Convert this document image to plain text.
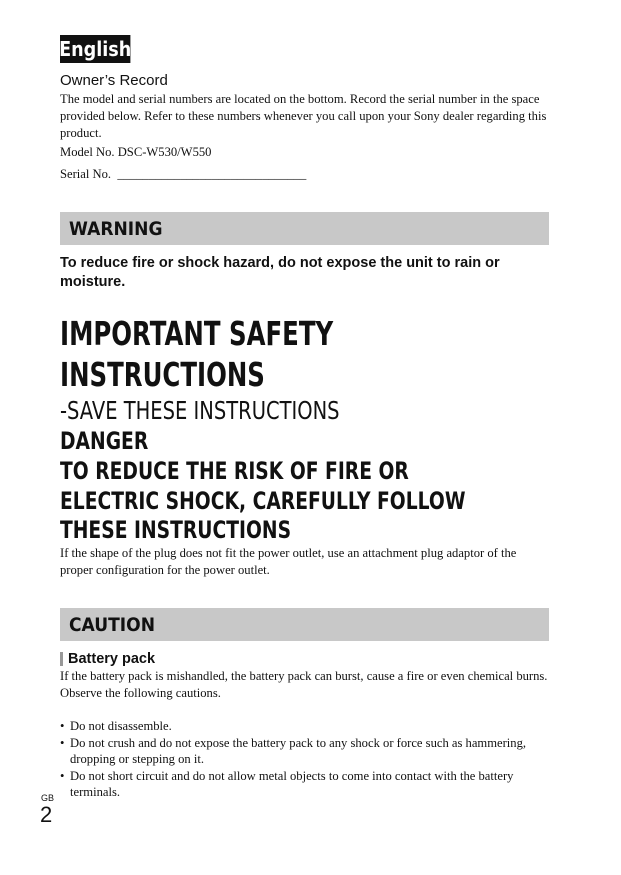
English
Owner’s Record

The model and serial numbers are located on the bottom. Record the serial number in the space provided below. Refer to these numbers whenever you call upon your Sony dealer regarding this product.

Model No. DSC-W530/W550
Serial No.  ______________________________
WARNING

To reduce fire or shock hazard, do not expose the unit to rain or moisture.

IMPORTANT SAFETY
INSTRUCTIONS
-SAVE THESE INSTRUCTIONS
DANGER
TO REDUCE THE RISK OF FIRE OR
ELECTRIC SHOCK, CAREFULLY FOLLOW
THESE INSTRUCTIONS

If the shape of the plug does not fit the power outlet, use an attachment plug adaptor of the proper configuration for the power outlet.

CAUTION
Battery pack

If the battery pack is mishandled, the battery pack can burst, cause a fire or even chemical burns. Observe the following cautions.

• Do not disassemble.
• Do not crush and do not expose the battery pack to any shock or force such as hammering, dropping or stepping on it.
• Do not short circuit and do not allow metal objects to come into contact with the battery terminals.
GB
2
